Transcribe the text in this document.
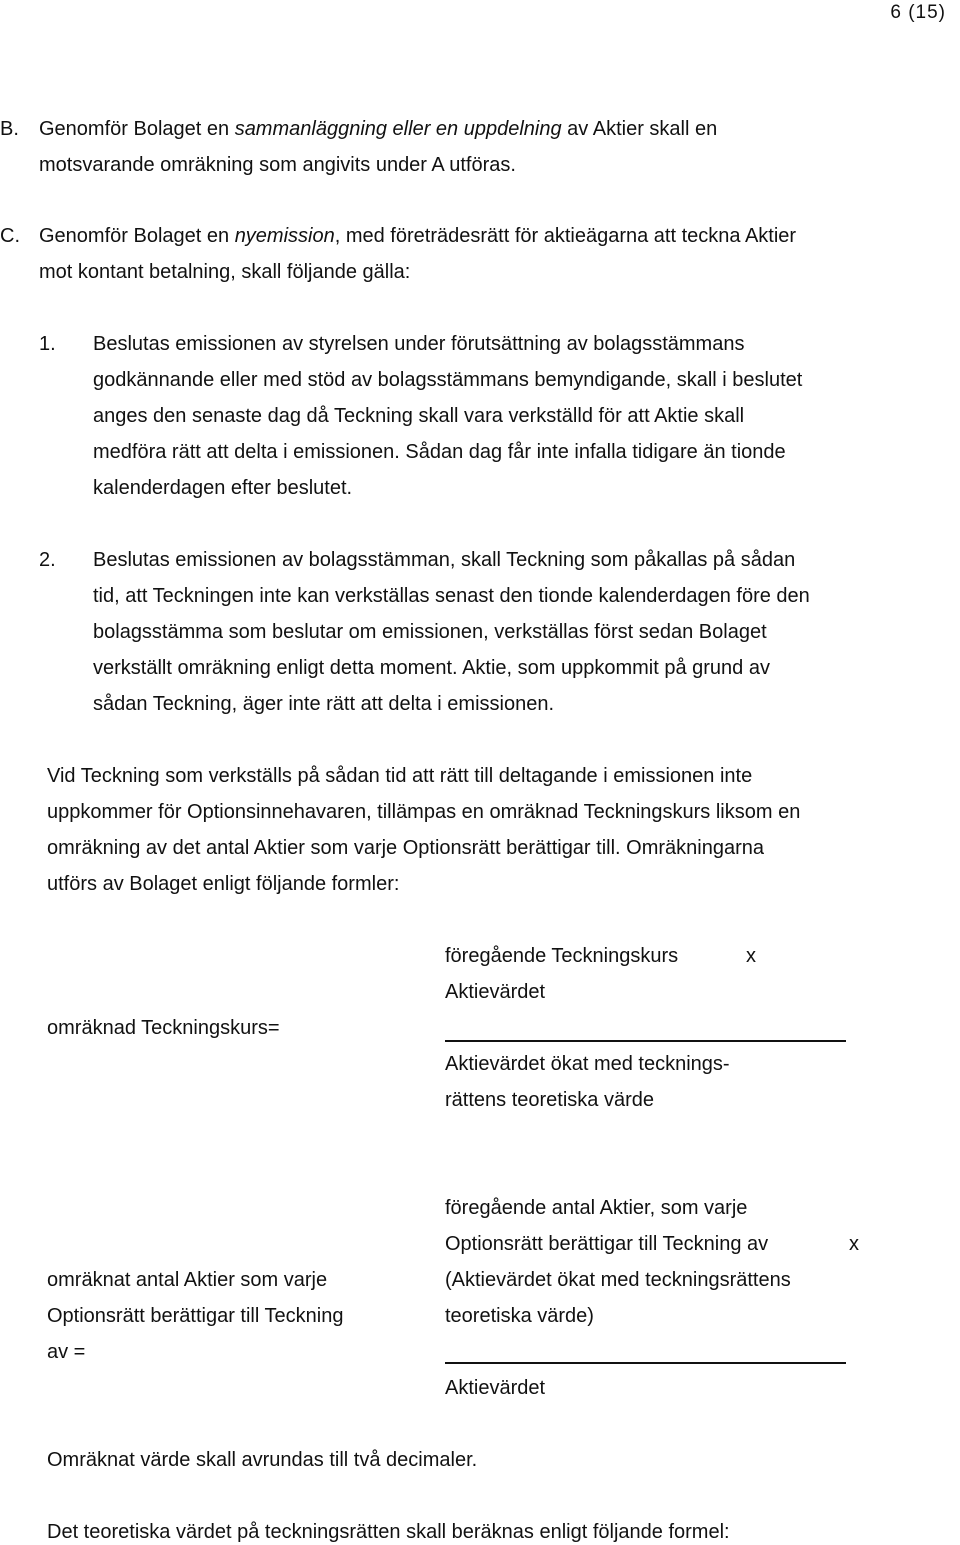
6 (15)
B. Genomför Bolaget en sammanläggning eller en uppdelning av Aktier skall en
motsvarande omräkning som angivits under A utföras.
C. Genomför Bolaget en nyemission, med företrädesrätt för aktieägarna att teckna Aktier
mot kontant betalning, skall följande gälla:
1. Beslutas emissionen av styrelsen under förutsättning av bolagsstämmans
godkännande eller med stöd av bolagsstämmans bemyndigande, skall i beslutet
anges den senaste dag då Teckning skall vara verkställd för att Aktie skall
medföra rätt att delta i emissionen. Sådan dag får inte infalla tidigare än tionde
kalenderdagen efter beslutet.
2. Beslutas emissionen av bolagsstämman, skall Teckning som påkallas på sådan
tid, att Teckningen inte kan verkställas senast den tionde kalenderdagen före den
bolagsstämma som beslutar om emissionen, verkställas först sedan Bolaget
verkställt omräkning enligt detta moment. Aktie, som uppkommit på grund av
sådan Teckning, äger inte rätt att delta i emissionen.
Vid Teckning som verkställs på sådan tid att rätt till deltagande i emissionen inte
uppkommer för Optionsinnehavaren, tillämpas en omräknad Teckningskurs liksom en
omräkning av det antal Aktier som varje Optionsrätt berättigar till. Omräkningarna
utförs av Bolaget enligt följande formler:
föregående Teckningskurs	x
Aktievärdet
omräknad Teckningskurs=
Aktievärdet ökat med tecknings-
rättens teoretiska värde
föregående antal Aktier, som varje
Optionsrätt berättigar till Teckning av	x
(Aktievärdet ökat med teckningsrättens
teoretiska värde)
omräknat antal Aktier som varje
Optionsrätt berättigar till Teckning
av =
Aktievärdet
Omräknat värde skall avrundas till två decimaler.
Det teoretiska värdet på teckningsrätten skall beräknas enligt följande formel:
